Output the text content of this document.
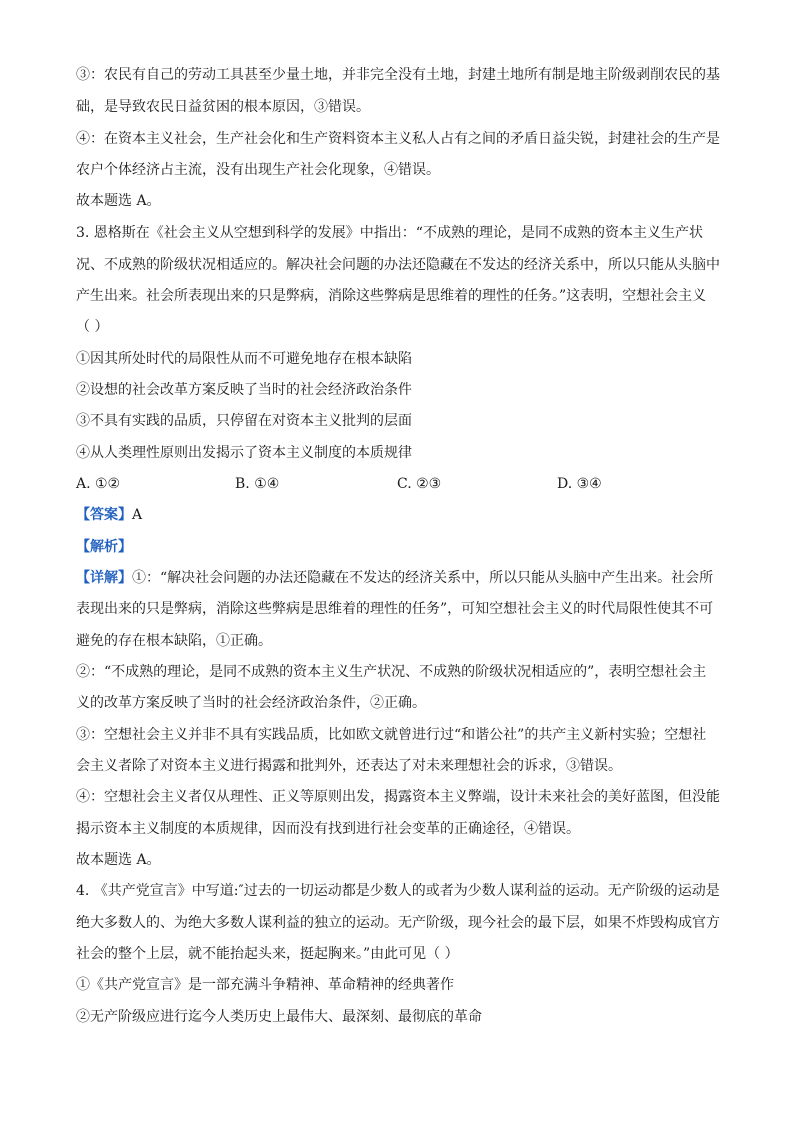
③：农民有自己的劳动工具甚至少量土地，并非完全没有土地，封建土地所有制是地主阶级剥削农民的基
础，是导致农民日益贫困的根本原因，③错误。
④：在资本主义社会，生产社会化和生产资料资本主义私人占有之间的矛盾日益尖锐，封建社会的生产是
农户个体经济占主流，没有出现生产社会化现象，④错误。
故本题选 A。
3. 恩格斯在《社会主义从空想到科学的发展》中指出：“不成熟的理论，是同不成熟的资本主义生产状
况、不成熟的阶级状况相适应的。解决社会问题的办法还隐藏在不发达的经济关系中，所以只能从头脑中
产生出来。社会所表现出来的只是弊病，消除这些弊病是思维着的理性的任务。”这表明，空想社会主义
（ ）
①因其所处时代的局限性从而不可避免地存在根本缺陷
②设想的社会改革方案反映了当时的社会经济政治条件
③不具有实践的品质，只停留在对资本主义批判的层面
④从人类理性原则出发揭示了资本主义制度的本质规律
A. ①②	B. ①④	C. ②③	D. ③④
【答案】A
【解析】
【详解】①：“解决社会问题的办法还隐藏在不发达的经济关系中，所以只能从头脑中产生出来。社会所
表现出来的只是弊病，消除这些弊病是思维着的理性的任务”，可知空想社会主义的时代局限性使其不可
避免的存在根本缺陷，①正确。
②：“不成熟的理论，是同不成熟的资本主义生产状况、不成熟的阶级状况相适应的”，表明空想社会主
义的改革方案反映了当时的社会经济政治条件，②正确。
③：空想社会主义并非不具有实践品质，比如欧文就曾进行过“和谐公社”的共产主义新村实验；空想社
会主义者除了对资本主义进行揭露和批判外，还表达了对未来理想社会的诉求，③错误。
④：空想社会主义者仅从理性、正义等原则出发，揭露资本主义弊端，设计未来社会的美好蓝图，但没能
揭示资本主义制度的本质规律，因而没有找到进行社会变革的正确途径，④错误。
故本题选 A。
4. 《共产党宣言》中写道:″过去的一切运动都是少数人的或者为少数人谋利益的运动。无产阶级的运动是
绝大多数人的、为绝大多数人谋利益的独立的运动。无产阶级，现今社会的最下层，如果不炸毁构成官方
社会的整个上层，就不能抬起头来，挺起胸来。”由此可见（ ）
①《共产党宣言》是一部充满斗争精神、革命精神的经典著作
②无产阶级应进行迄今人类历史上最伟大、最深刻、最彻底的革命
